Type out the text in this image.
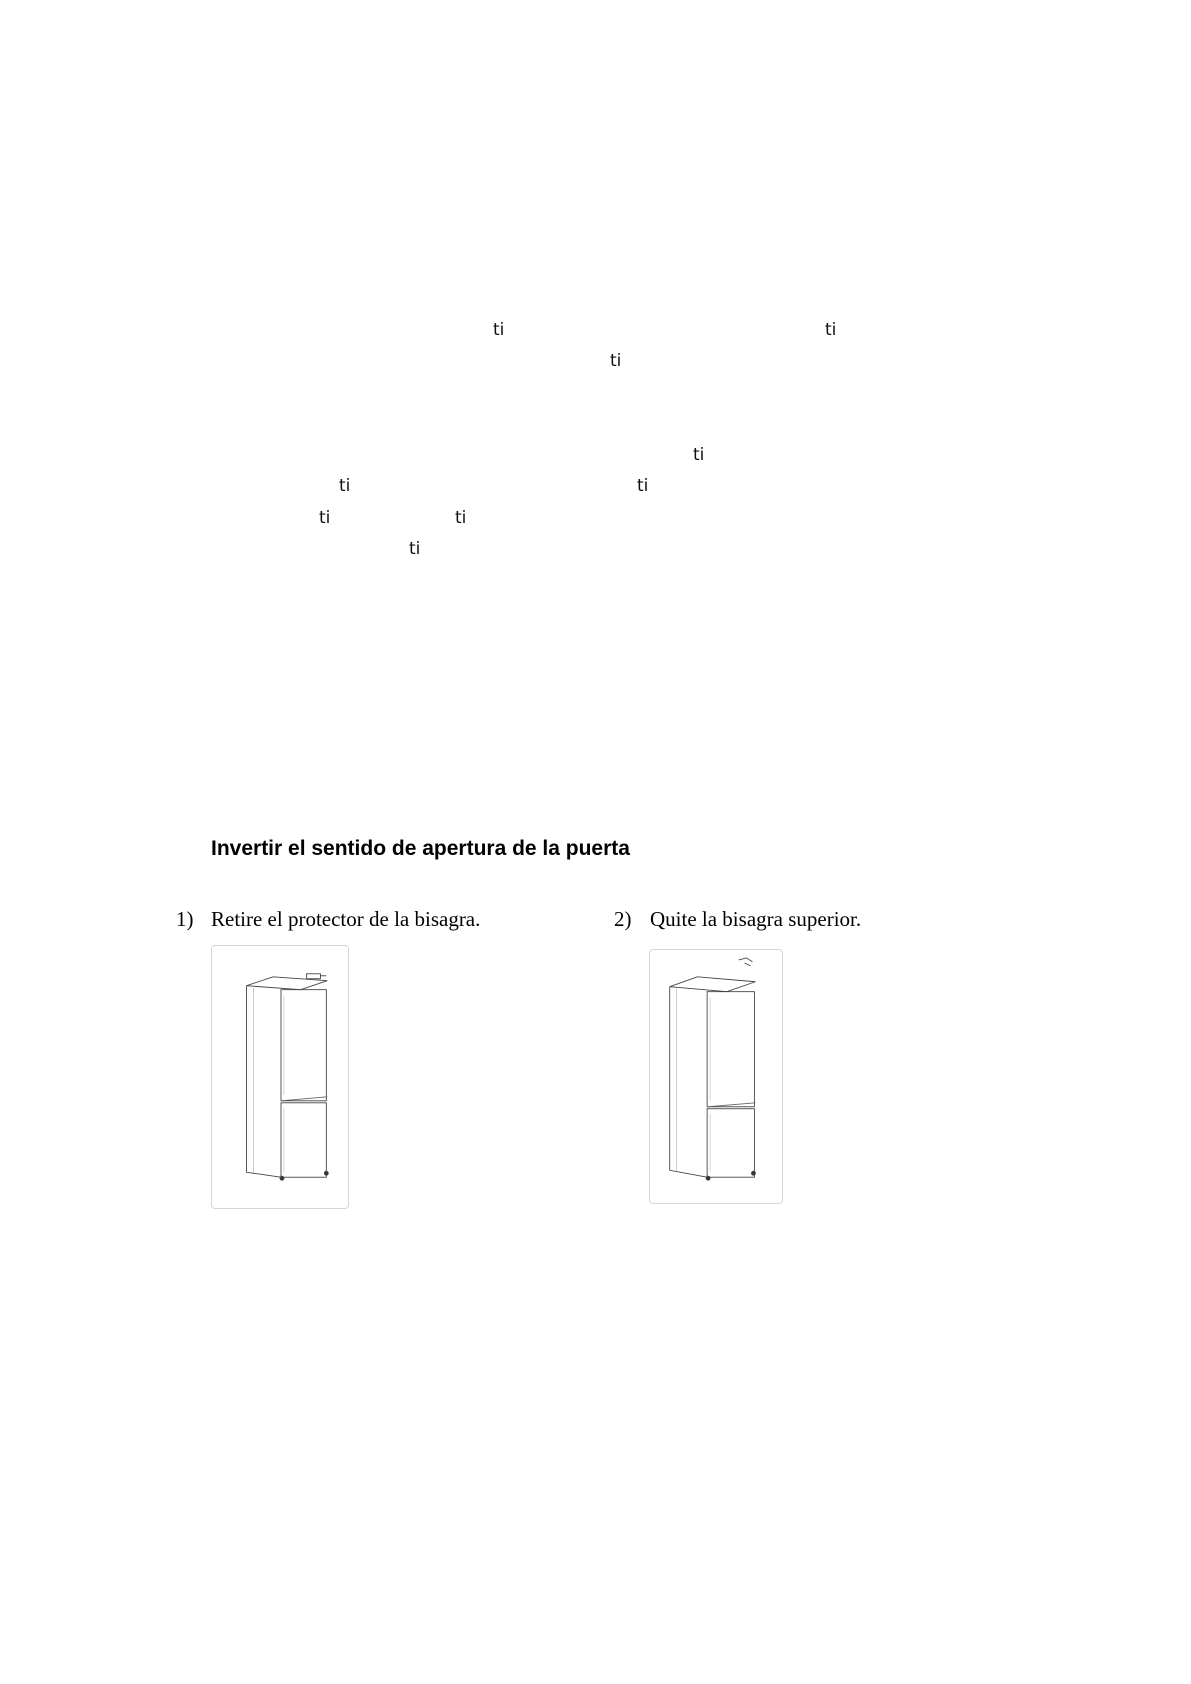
ti	ti
ti
ti
ti	ti
ti	ti
ti
Invertir el sentido de apertura de la puerta
1) Retire el protector de la bisagra.	2) Quite la bisagra superior.
